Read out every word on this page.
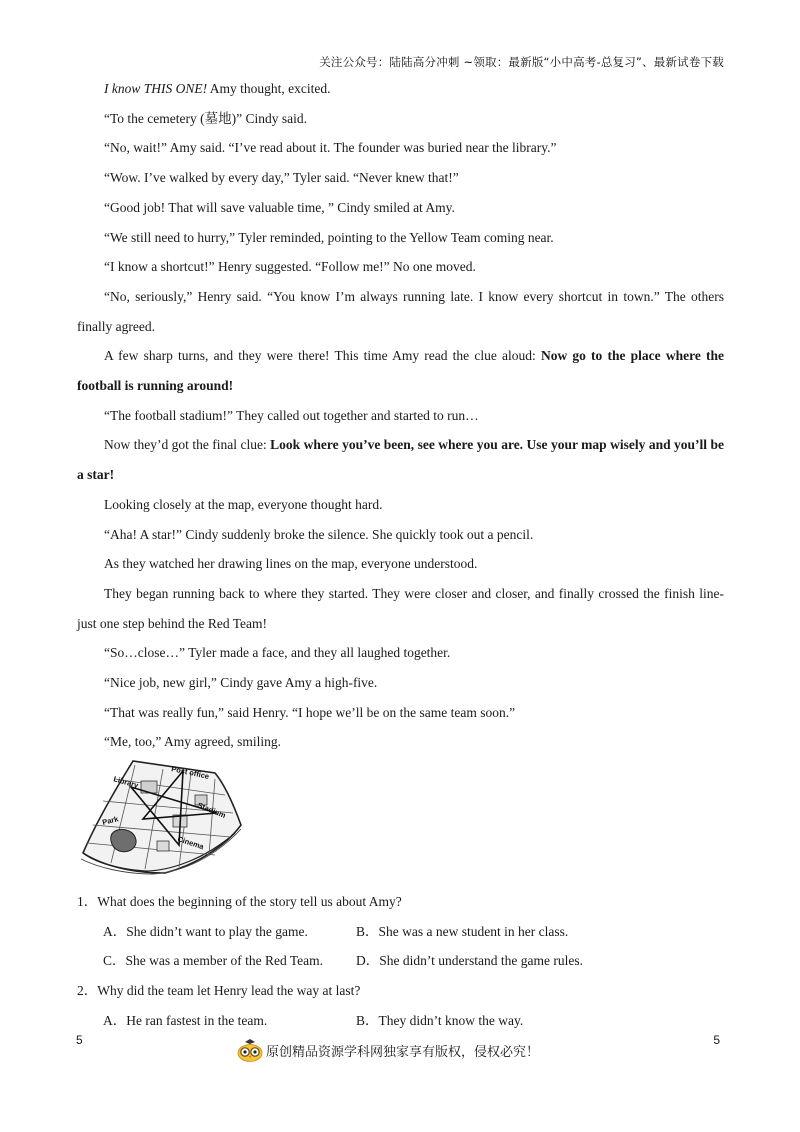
关注公众号：陆陆高分冲刺 ~领取：最新版“小中高考-总复习”、最新试卷下载

I know THIS ONE! Amy thought, excited.

“To the cemetery (墓地)” Cindy said.

“No, wait!” Amy said. “I’ve read about it. The founder was buried near the library.”

“Wow. I’ve walked by every day,” Tyler said. “Never knew that!”

“Good job! That will save valuable time, ” Cindy smiled at Amy.

“We still need to hurry,” Tyler reminded, pointing to the Yellow Team coming near.

“I know a shortcut!” Henry suggested. “Follow me!” No one moved.

“No, seriously,” Henry said. “You know I’m always running late. I know every shortcut in town.” The others finally agreed.

A few sharp turns, and they were there! This time Amy read the clue aloud: Now go to the place where the football is running around!

“The football stadium!” They called out together and started to run…

Now they’d got the final clue: Look where you’ve been, see where you are. Use your map wisely and you’ll be a star!

Looking closely at the map, everyone thought hard.

“Aha! A star!” Cindy suddenly broke the silence. She quickly took out a pencil.

As they watched her drawing lines on the map, everyone understood.

They began running back to where they started. They were closer and closer, and finally crossed the finish line-just one step behind the Red Team!

“So…close…” Tyler made a face, and they all laughed together.

“Nice job, new girl,” Cindy gave Amy a high-five.

“That was really fun,” said Henry. “I hope we’ll be on the same team soon.”

“Me, too,” Amy agreed, smiling.

Post office
Library
Stadium
Park
Cinema

1．What does the beginning of the story tell us about Amy?

A．She didn’t want to play the game.	B．She was a new student in her class.
C．She was a member of the Red Team.	D．She didn’t understand the game rules.

2．Why did the team let Henry lead the way at last?

A．He ran fastest in the team.	B．They didn’t know the way.
5
原创精品资源学科网独家享有版权，侵权必究！
5
